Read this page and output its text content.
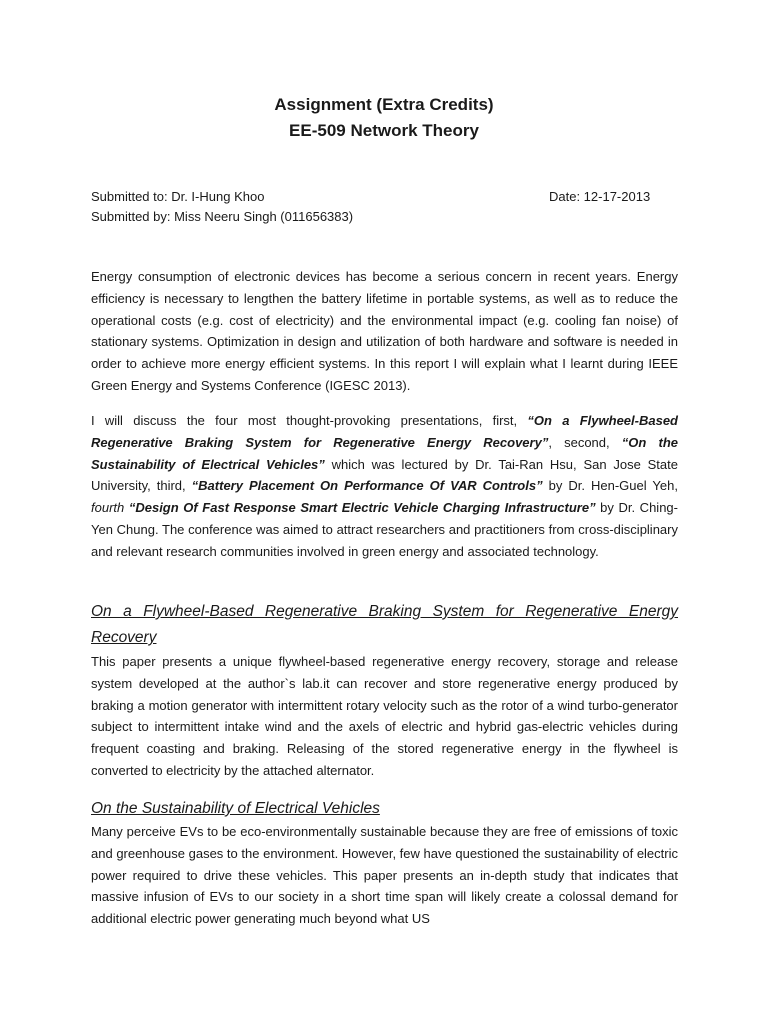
Assignment (Extra Credits)
EE-509 Network Theory
Submitted to: Dr. I-Hung Khoo	Date: 12-17-2013
Submitted by: Miss Neeru Singh (011656383)

Energy consumption of electronic devices has become a serious concern in recent years. Energy efficiency is necessary to lengthen the battery lifetime in portable systems, as well as to reduce the operational costs (e.g. cost of electricity) and the environmental impact (e.g. cooling fan noise) of stationary systems. Optimization in design and utilization of both hardware and software is needed in order to achieve more energy efficient systems. In this report I will explain what I learnt during IEEE Green Energy and Systems Conference (IGESC 2013).

I will discuss the four most thought-provoking presentations, first, “On a Flywheel-Based Regenerative Braking System for Regenerative Energy Recovery”, second, “On the Sustainability of Electrical Vehicles” which was lectured by Dr. Tai-Ran Hsu, San Jose State University, third, “Battery Placement On Performance Of VAR Controls” by Dr. Hen-Guel Yeh, fourth “Design Of Fast Response Smart Electric Vehicle Charging Infrastructure” by Dr. Ching-Yen Chung. The conference was aimed to attract researchers and practitioners from cross-disciplinary and relevant research communities involved in green energy and associated technology.

On a Flywheel-Based Regenerative Braking System for Regenerative Energy Recovery

This paper presents a unique flywheel-based regenerative energy recovery, storage and release system developed at the author`s lab.it can recover and store regenerative energy produced by braking a motion generator with intermittent rotary velocity such as the rotor of a wind turbo-generator subject to intermittent intake wind and the axels of electric and hybrid gas-electric vehicles during frequent coasting and braking. Releasing of the stored regenerative energy in the flywheel is converted to electricity by the attached alternator.

On the Sustainability of Electrical Vehicles

Many perceive EVs to be eco-environmentally sustainable because they are free of emissions of toxic and greenhouse gases to the environment. However, few have questioned the sustainability of electric power required to drive these vehicles. This paper presents an in-depth study that indicates that massive infusion of EVs to our society in a short time span will likely create a colossal demand for additional electric power generating much beyond what US
